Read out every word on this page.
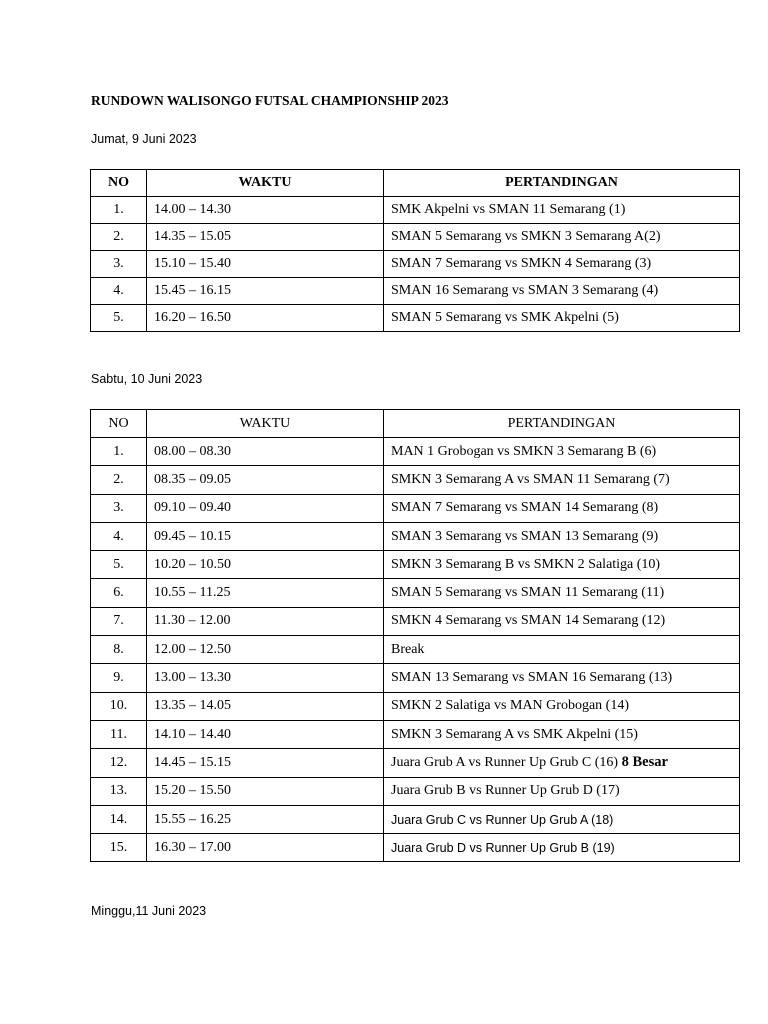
RUNDOWN WALISONGO FUTSAL CHAMPIONSHIP 2023
Jumat, 9 Juni 2023
NO	WAKTU	PERTANDINGAN
1.	14.00 – 14.30	SMK Akpelni vs SMAN 11 Semarang (1)
2.	14.35 – 15.05	SMAN 5 Semarang vs SMKN 3 Semarang A(2)
3.	15.10 – 15.40	SMAN 7 Semarang vs SMKN 4 Semarang (3)
4.	15.45 – 16.15	SMAN 16 Semarang vs SMAN 3 Semarang (4)
5.	16.20 – 16.50	SMAN 5 Semarang vs SMK Akpelni (5)
Sabtu, 10 Juni 2023
NO	WAKTU	PERTANDINGAN
1.	08.00 – 08.30	MAN 1 Grobogan vs SMKN 3 Semarang B (6)
2.	08.35 – 09.05	SMKN 3 Semarang A vs SMAN 11 Semarang (7)
3.	09.10 – 09.40	SMAN 7 Semarang vs SMAN 14 Semarang (8)
4.	09.45 – 10.15	SMAN 3 Semarang vs SMAN 13 Semarang (9)
5.	10.20 – 10.50	SMKN 3 Semarang B vs SMKN 2 Salatiga (10)
6.	10.55 – 11.25	SMAN 5 Semarang vs SMAN 11 Semarang (11)
7.	11.30 – 12.00	SMKN 4 Semarang vs SMAN 14 Semarang (12)
8.	12.00 – 12.50	Break
9.	13.00 – 13.30	SMAN 13 Semarang vs SMAN 16 Semarang (13)
10.	13.35 – 14.05	SMKN 2 Salatiga vs MAN Grobogan (14)
11.	14.10 – 14.40	SMKN 3 Semarang A vs SMK Akpelni (15)
12.	14.45 – 15.15	Juara Grub A vs Runner Up Grub C (16) 8 Besar
13.	15.20 – 15.50	Juara Grub B vs Runner Up Grub D (17)
14.	15.55 – 16.25	Juara Grub C vs Runner Up Grub A (18)
15.	16.30 – 17.00	Juara Grub D vs Runner Up Grub B (19)
Minggu,11 Juni 2023
